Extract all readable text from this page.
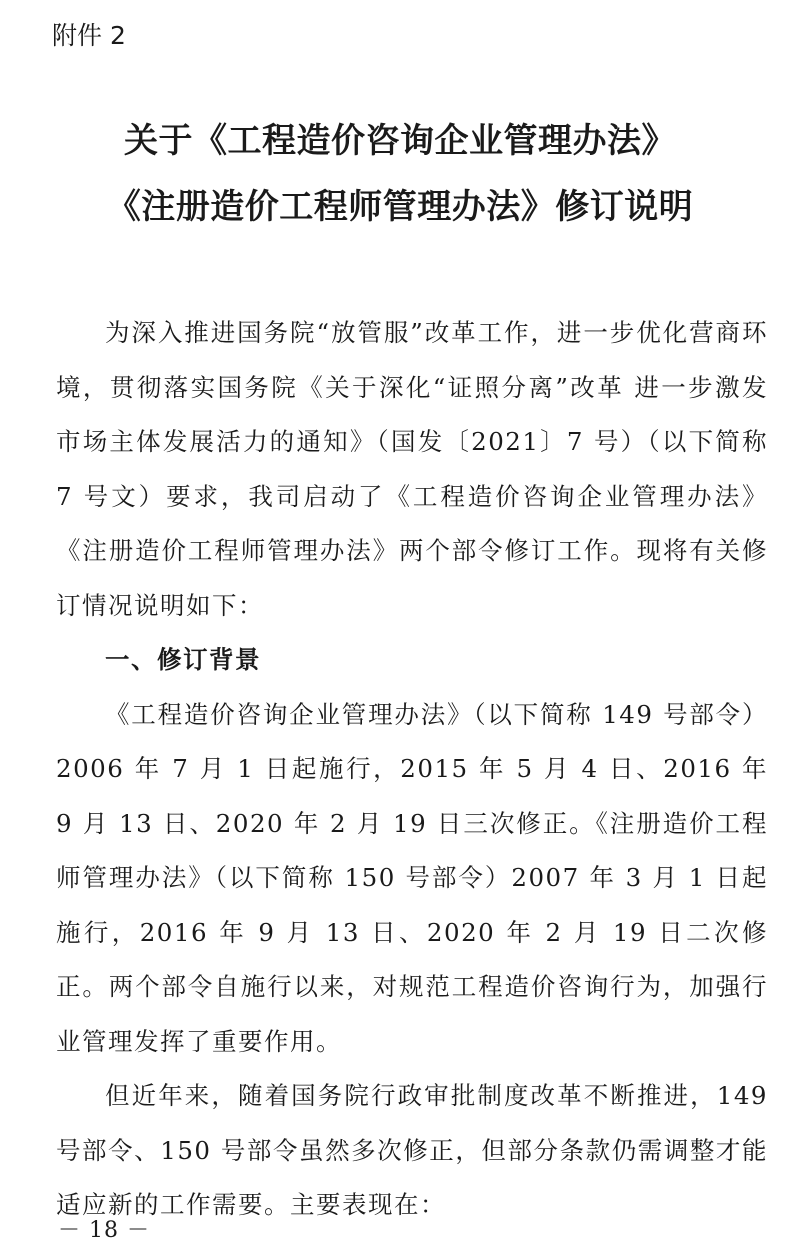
附件 2

关于《工程造价咨询企业管理办法》
《注册造价工程师管理办法》修订说明

为深入推进国务院“放管服”改革工作，进一步优化营商环境，贯彻落实国务院《关于深化“证照分离”改革 进一步激发市场主体发展活力的通知》（国发〔2021〕7 号）（以下简称 7 号文）要求，我司启动了《工程造价咨询企业管理办法》《注册造价工程师管理办法》两个部令修订工作。现将有关修订情况说明如下：

一、修订背景

《工程造价咨询企业管理办法》（以下简称 149 号部令）2006 年 7 月 1 日起施行，2015 年 5 月 4 日、2016 年 9 月 13 日、2020 年 2 月 19 日三次修正。《注册造价工程师管理办法》（以下简称 150 号部令）2007 年 3 月 1 日起施行，2016 年 9 月 13 日、2020 年 2 月 19 日二次修正。两个部令自施行以来，对规范工程造价咨询行为，加强行业管理发挥了重要作用。

但近年来，随着国务院行政审批制度改革不断推进，149 号部令、150 号部令虽然多次修正，但部分条款仍需调整才能适应新的工作需要。主要表现在：

－ 18 －
